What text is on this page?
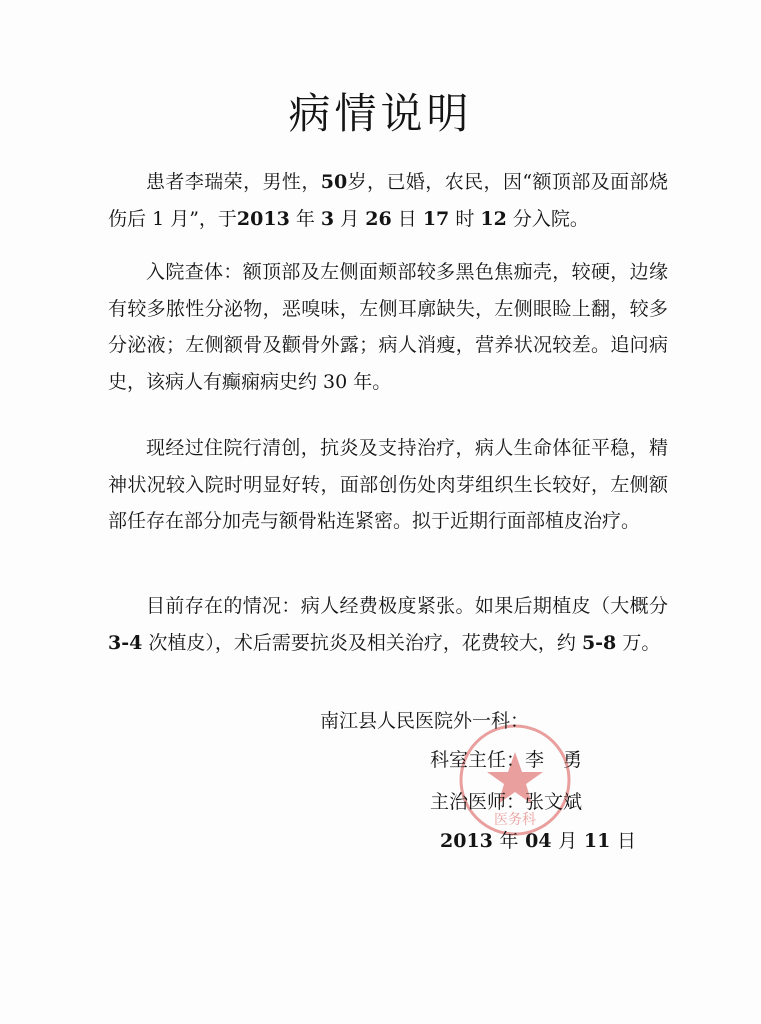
病情说明

患者李瑞荣，男性，50岁，已婚，农民，因“额顶部及面部烧伤后 1 月”，于2013 年 3 月 26 日 17 时 12 分入院。

入院查体：额顶部及左侧面颊部较多黑色焦痂壳，较硬，边缘有较多脓性分泌物，恶嗅味，左侧耳廓缺失，左侧眼睑上翻，较多分泌液；左侧额骨及颧骨外露；病人消瘦，营养状况较差。追问病史，该病人有癫痫病史约 30 年。

现经过住院行清创，抗炎及支持治疗，病人生命体征平稳，精神状况较入院时明显好转，面部创伤处肉芽组织生长较好，左侧额部任存在部分加壳与额骨粘连紧密。拟于近期行面部植皮治疗。

目前存在的情况：病人经费极度紧张。如果后期植皮（大概分 3-4 次植皮），术后需要抗炎及相关治疗，花费较大，约 5-8 万。

医务科
南江县人民医院外一科：
科室主任：李　勇
主治医师：张文斌
2013 年 04 月 11 日
